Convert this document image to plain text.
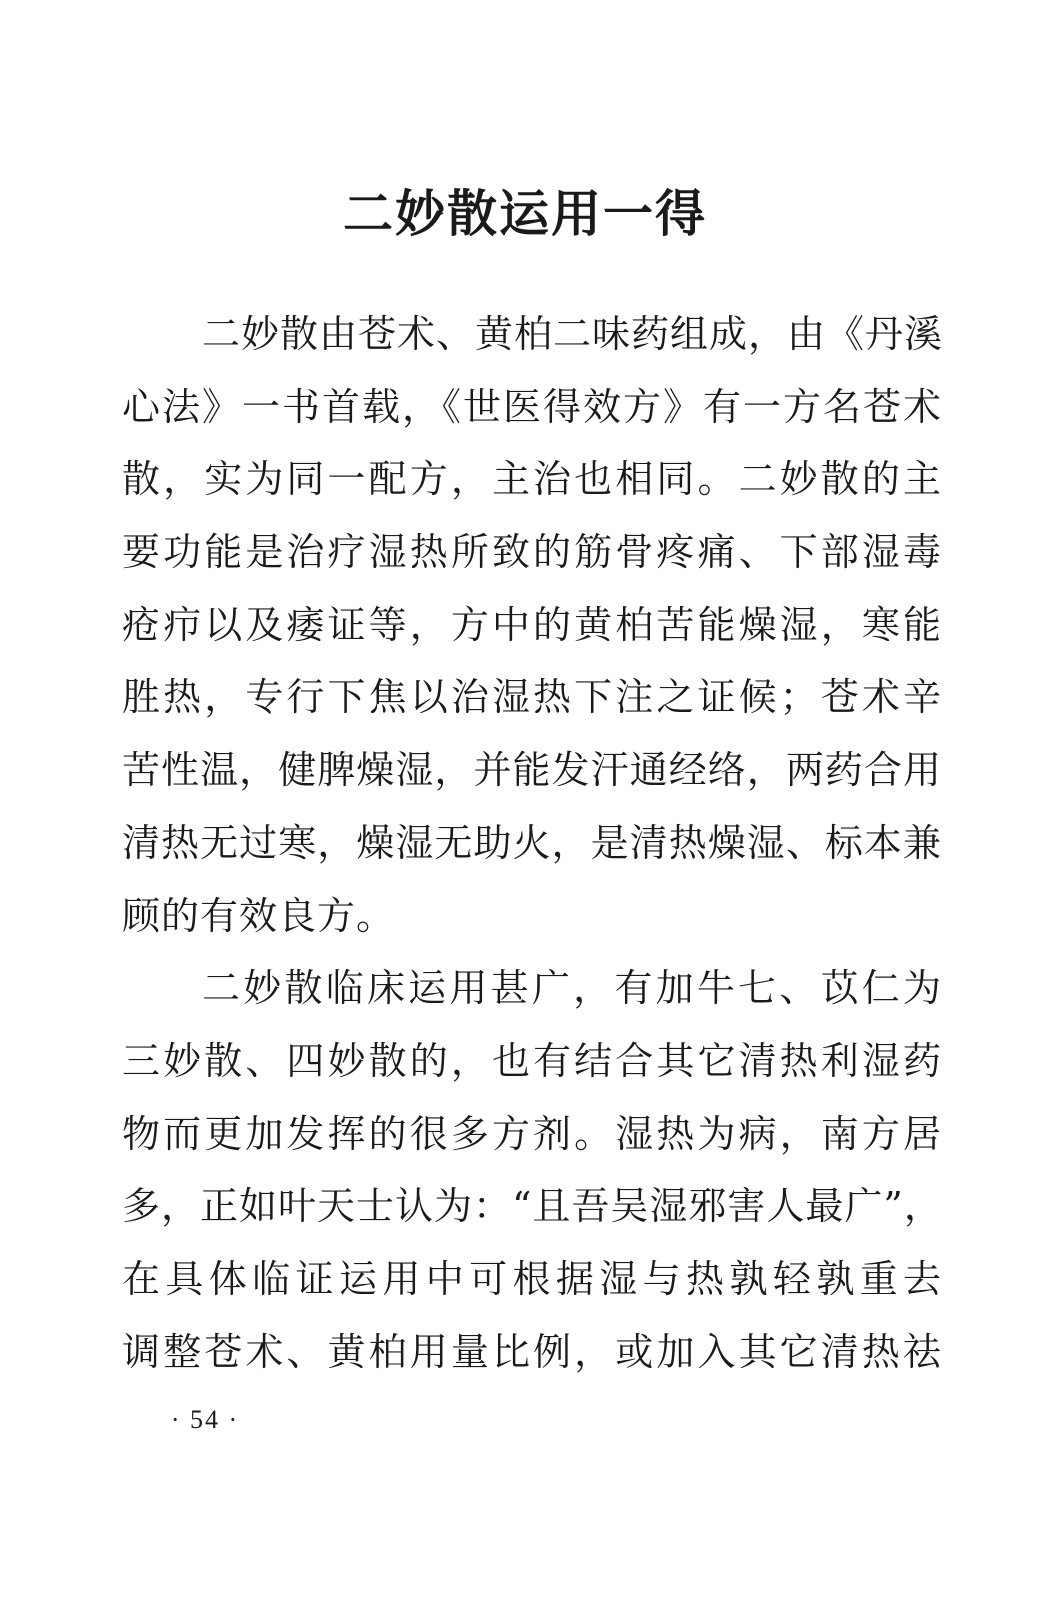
二妙散运用一得
二妙散由苍术、黄柏二味药组成，由《丹溪
心法》一书首载，《世医得效方》有一方名苍术
散，实为同一配方，主治也相同。二妙散的主
要功能是治疗湿热所致的筋骨疼痛、下部湿毒
疮疖以及痿证等，方中的黄柏苦能燥湿，寒能
胜热，专行下焦以治湿热下注之证候；苍术辛
苦性温，健脾燥湿，并能发汗通经络，两药合用
清热无过寒，燥湿无助火，是清热燥湿、标本兼
顾的有效良方。
二妙散临床运用甚广，有加牛七、苡仁为
三妙散、四妙散的，也有结合其它清热利湿药
物而更加发挥的很多方剂。湿热为病，南方居
多，正如叶天士认为：“且吾吴湿邪害人最广”，
在具体临证运用中可根据湿与热孰轻孰重去
调整苍术、黄柏用量比例，或加入其它清热祛
· 54 ·
